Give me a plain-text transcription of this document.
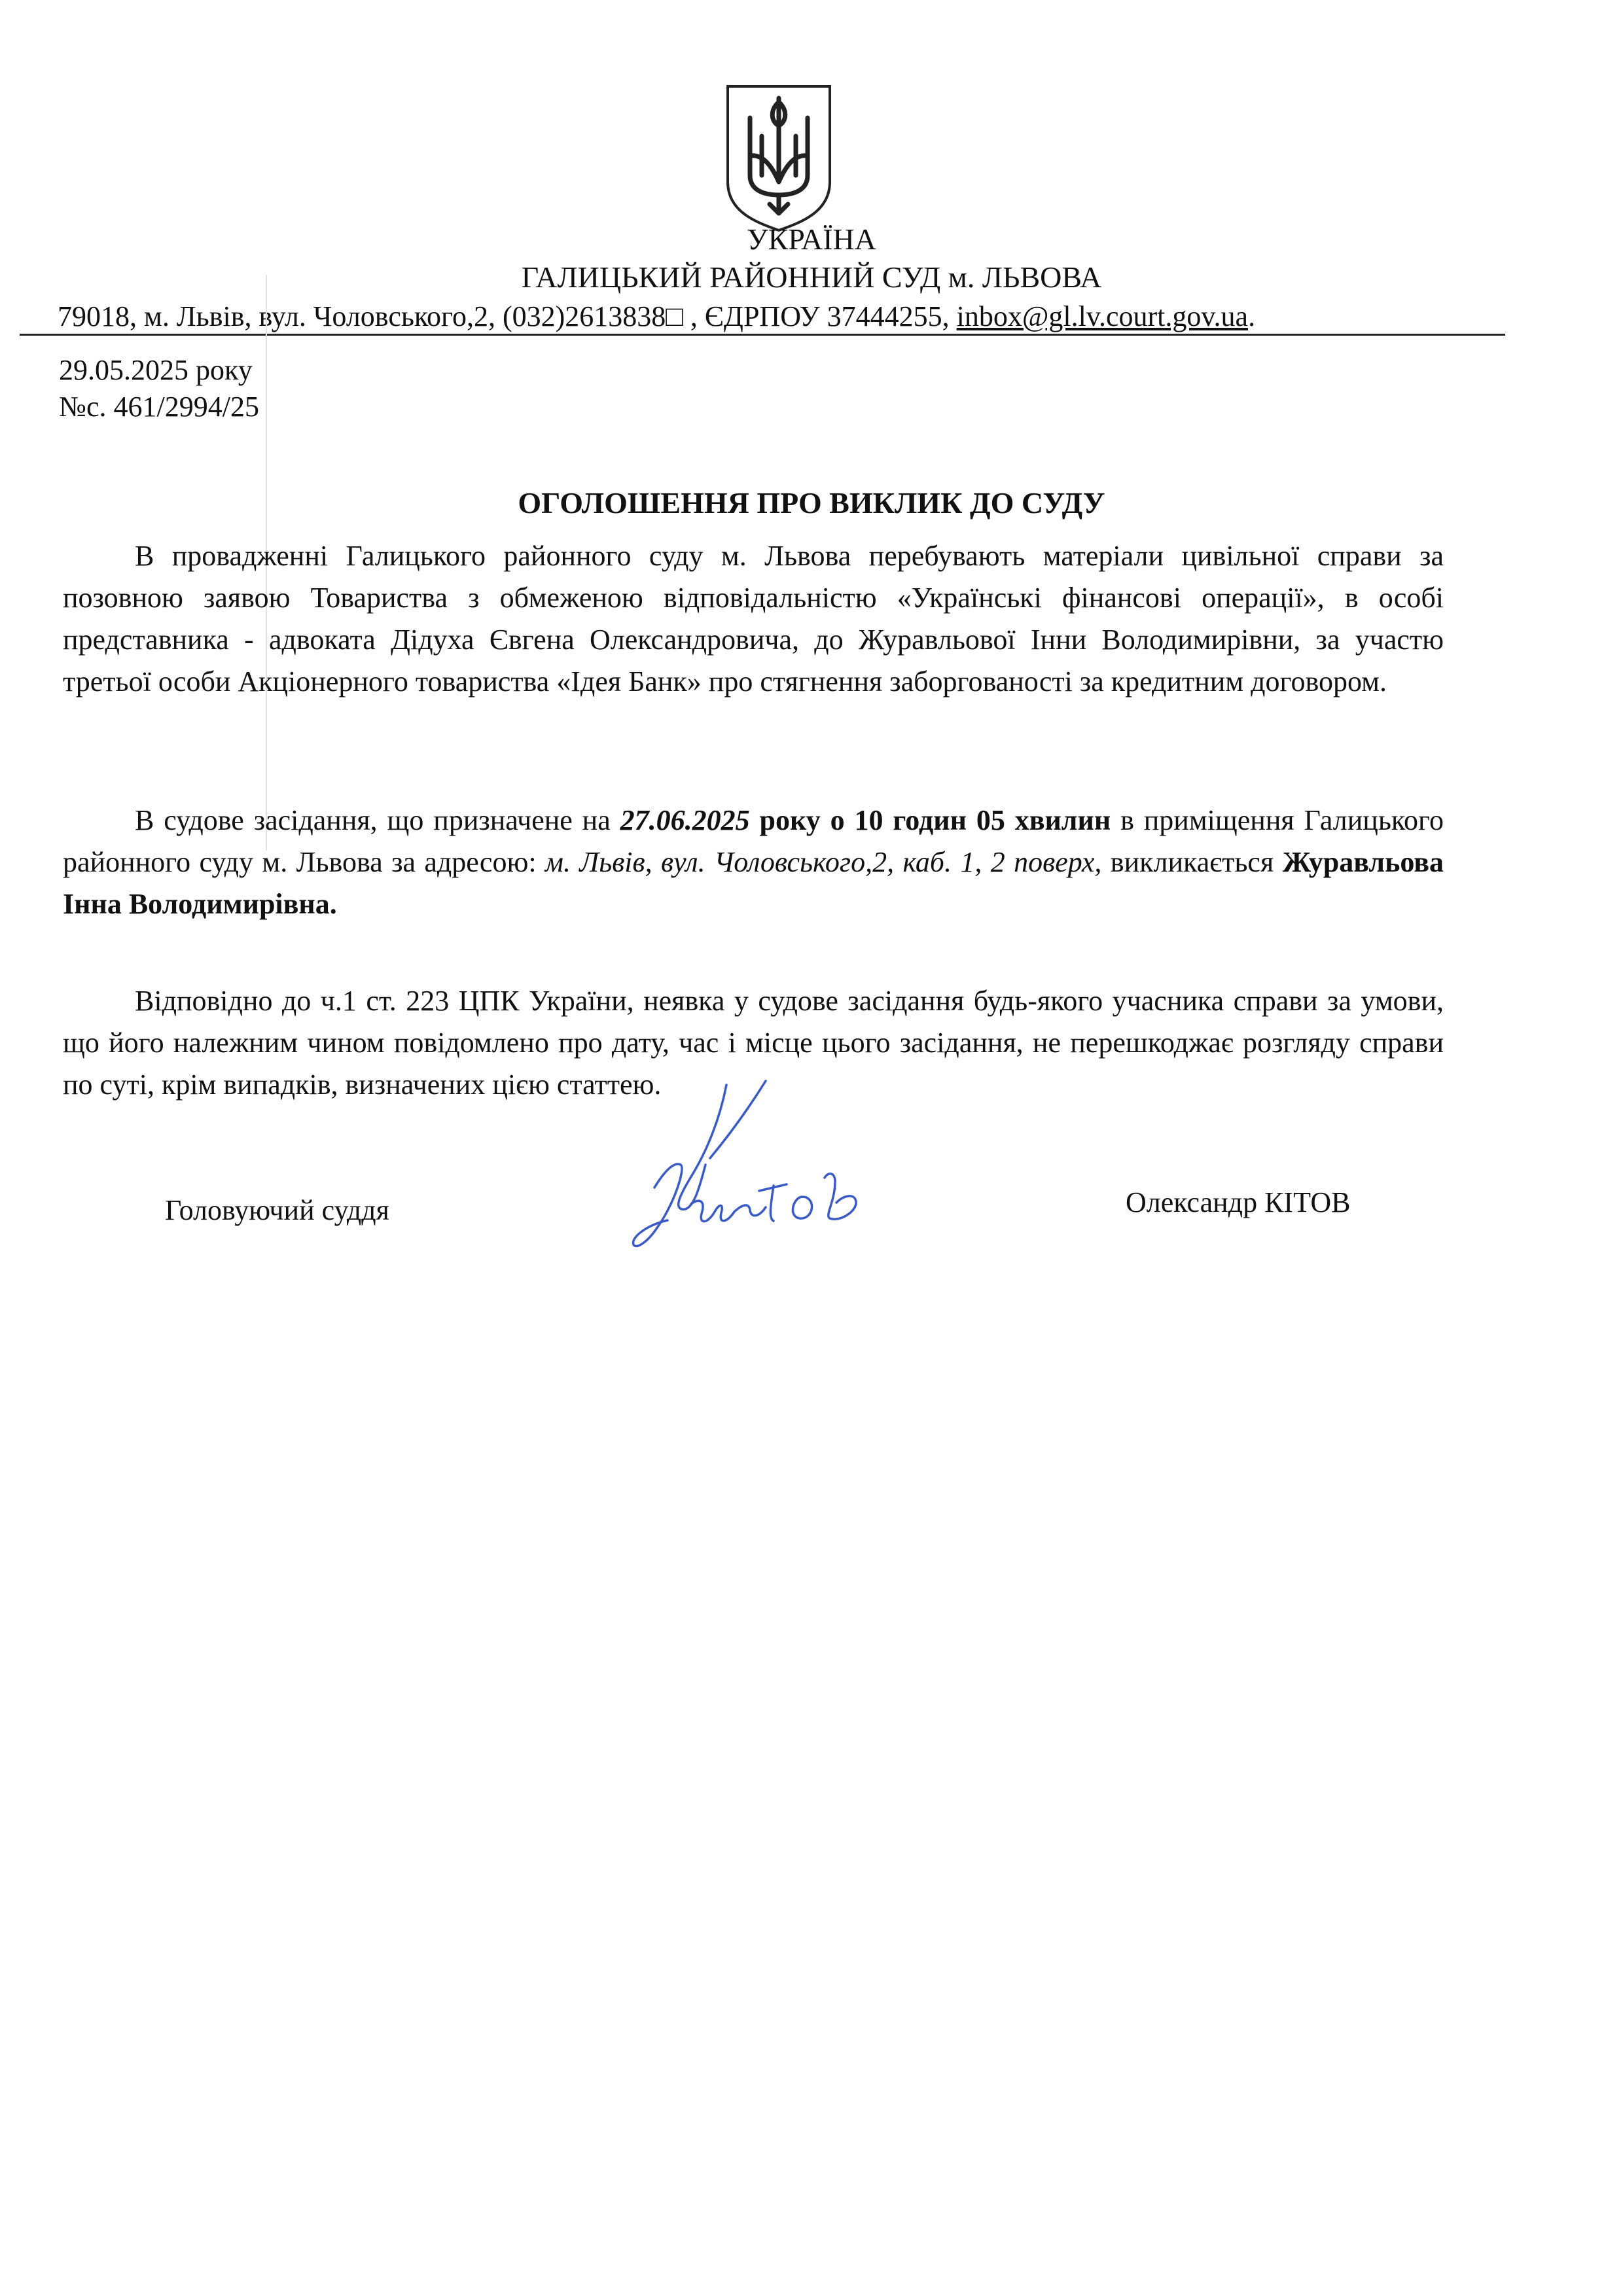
УКРАЇНА
ГАЛИЦЬКИЙ РАЙОННИЙ СУД м. ЛЬВОВА
79018, м. Львів, вул. Чоловського,2, (032)2613838□ , ЄДРПОУ 37444255, inbox@gl.lv.court.gov.ua.
29.05.2025 року
№с. 461/2994/25
ОГОЛОШЕННЯ ПРО ВИКЛИК ДО СУДУ
В провадженні Галицького районного суду м. Львова перебувають матеріали цивільної справи за позовною заявою Товариства з обмеженою відповідальністю «Українські фінансові операції», в особі представника - адвоката Дідуха Євгена Олександровича, до Журавльової Інни Володимирівни, за участю третьої особи Акціонерного товариства «Ідея Банк» про стягнення заборгованості за кредитним договором.
В судове засідання, що призначене на 27.06.2025 року о 10 годин 05 хвилин в приміщення Галицького районного суду м. Львова за адресою: м. Львів, вул. Чоловського,2, каб. 1, 2 поверх, викликається Журавльова Інна Володимирівна.
Відповідно до ч.1 ст. 223 ЦПК України, неявка у судове засідання будь-якого учасника справи за умови, що його належним чином повідомлено про дату, час і місце цього засідання, не перешкоджає розгляду справи по суті, крім випадків, визначених цією статтею.
Головуючий суддя	Олександр КІТОВ
